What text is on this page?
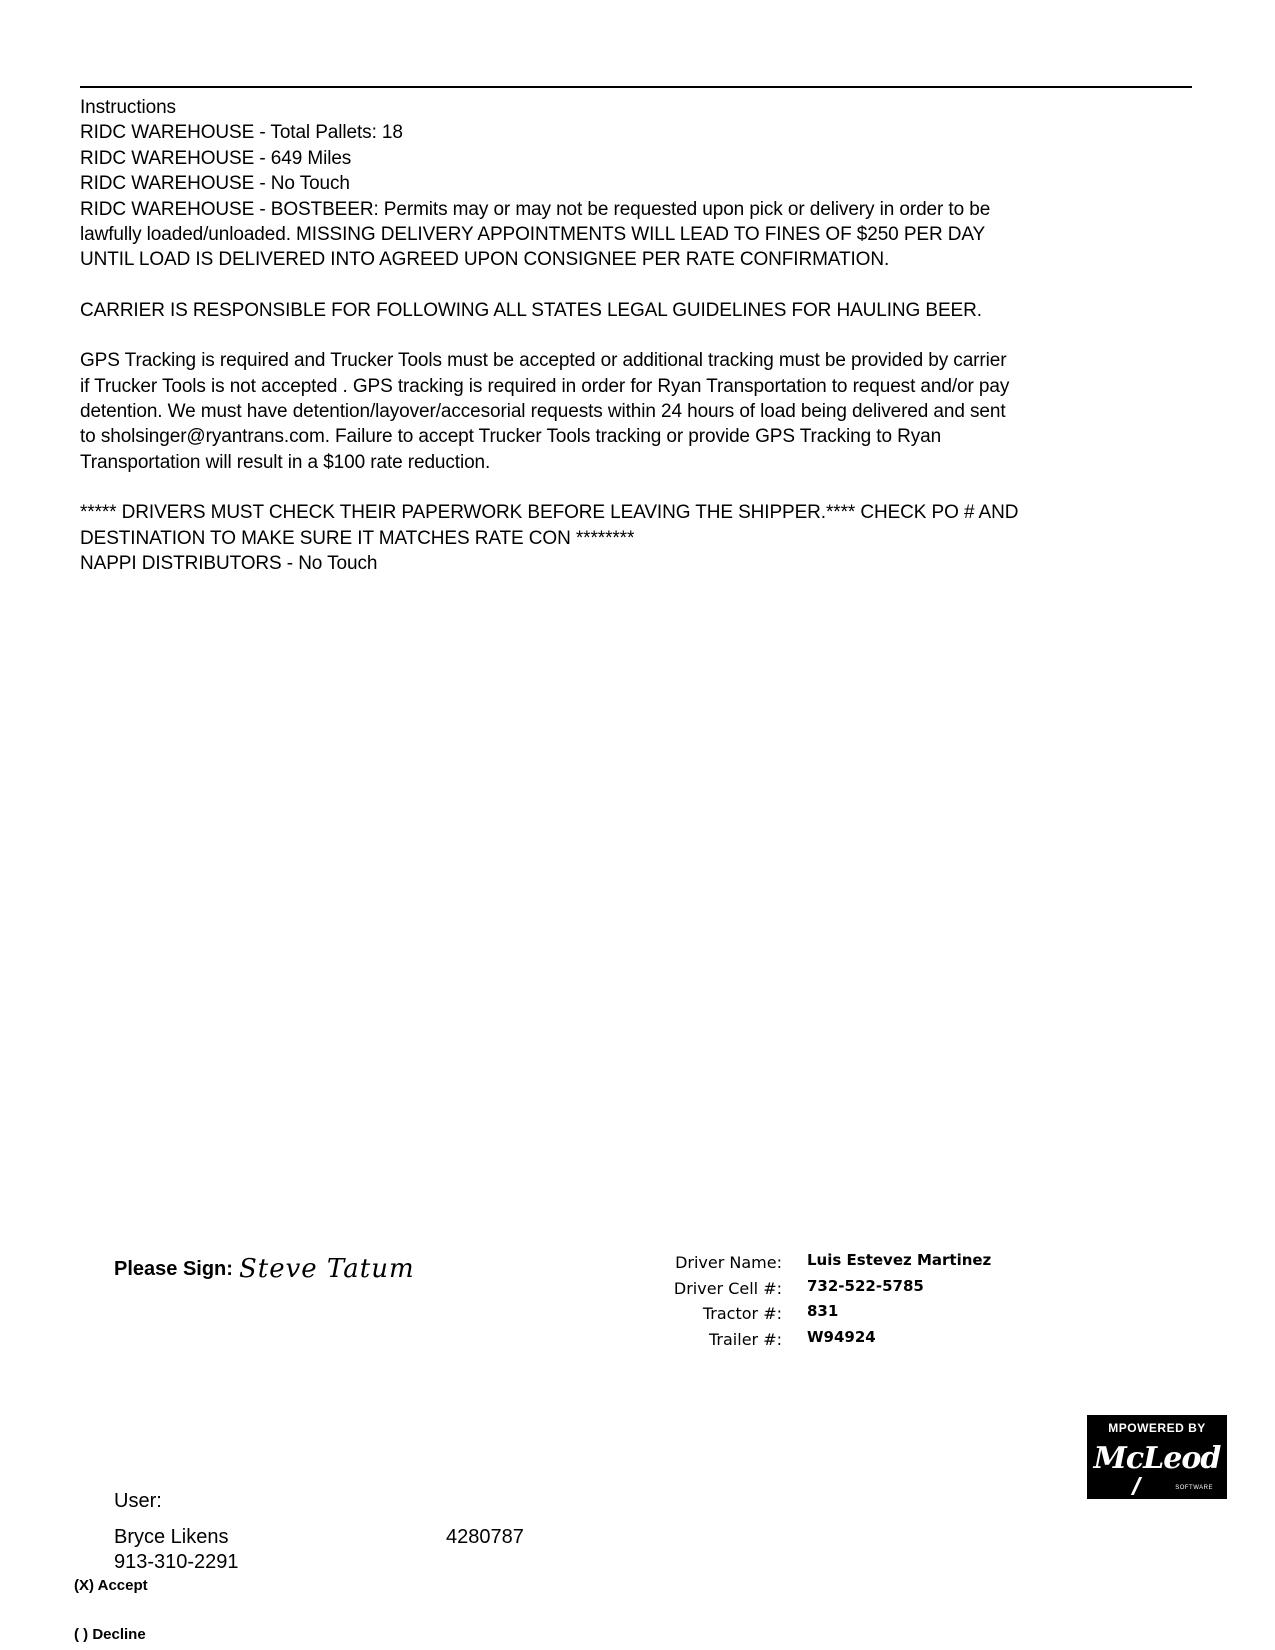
Instructions
RIDC WAREHOUSE - Total Pallets: 18
RIDC WAREHOUSE - 649 Miles
RIDC WAREHOUSE - No Touch
RIDC WAREHOUSE - BOSTBEER: Permits may or may not be requested upon pick or delivery in order to be
lawfully loaded/unloaded. MISSING DELIVERY APPOINTMENTS WILL LEAD TO FINES OF $250 PER DAY
UNTIL LOAD IS DELIVERED INTO AGREED UPON CONSIGNEE PER RATE CONFIRMATION.
CARRIER IS RESPONSIBLE FOR FOLLOWING ALL STATES LEGAL GUIDELINES FOR HAULING BEER.
GPS Tracking is required and Trucker Tools must be accepted or additional tracking must be provided by carrier
if Trucker Tools is not accepted . GPS tracking is required in order for Ryan Transportation to request and/or pay
detention. We must have detention/layover/accesorial requests within 24 hours of load being delivered and sent
to sholsinger@ryantrans.com. Failure to accept Trucker Tools tracking or provide GPS Tracking to Ryan
Transportation will result in a $100 rate reduction.
***** DRIVERS MUST CHECK THEIR PAPERWORK BEFORE LEAVING THE SHIPPER.**** CHECK PO # AND
DESTINATION TO MAKE SURE IT MATCHES RATE CON ********
NAPPI DISTRIBUTORS - No Touch
Please Sign: Steve Tatum	Driver Name: Luis Estevez Martinez
Driver Cell #: 732-522-5785
Tractor #: 831
Trailer #: W94924
MPOWERED BY
McLeod
SOFTWARE
User:
Bryce Likens
913-310-2291
4280787
(X) Accept
( ) Decline
